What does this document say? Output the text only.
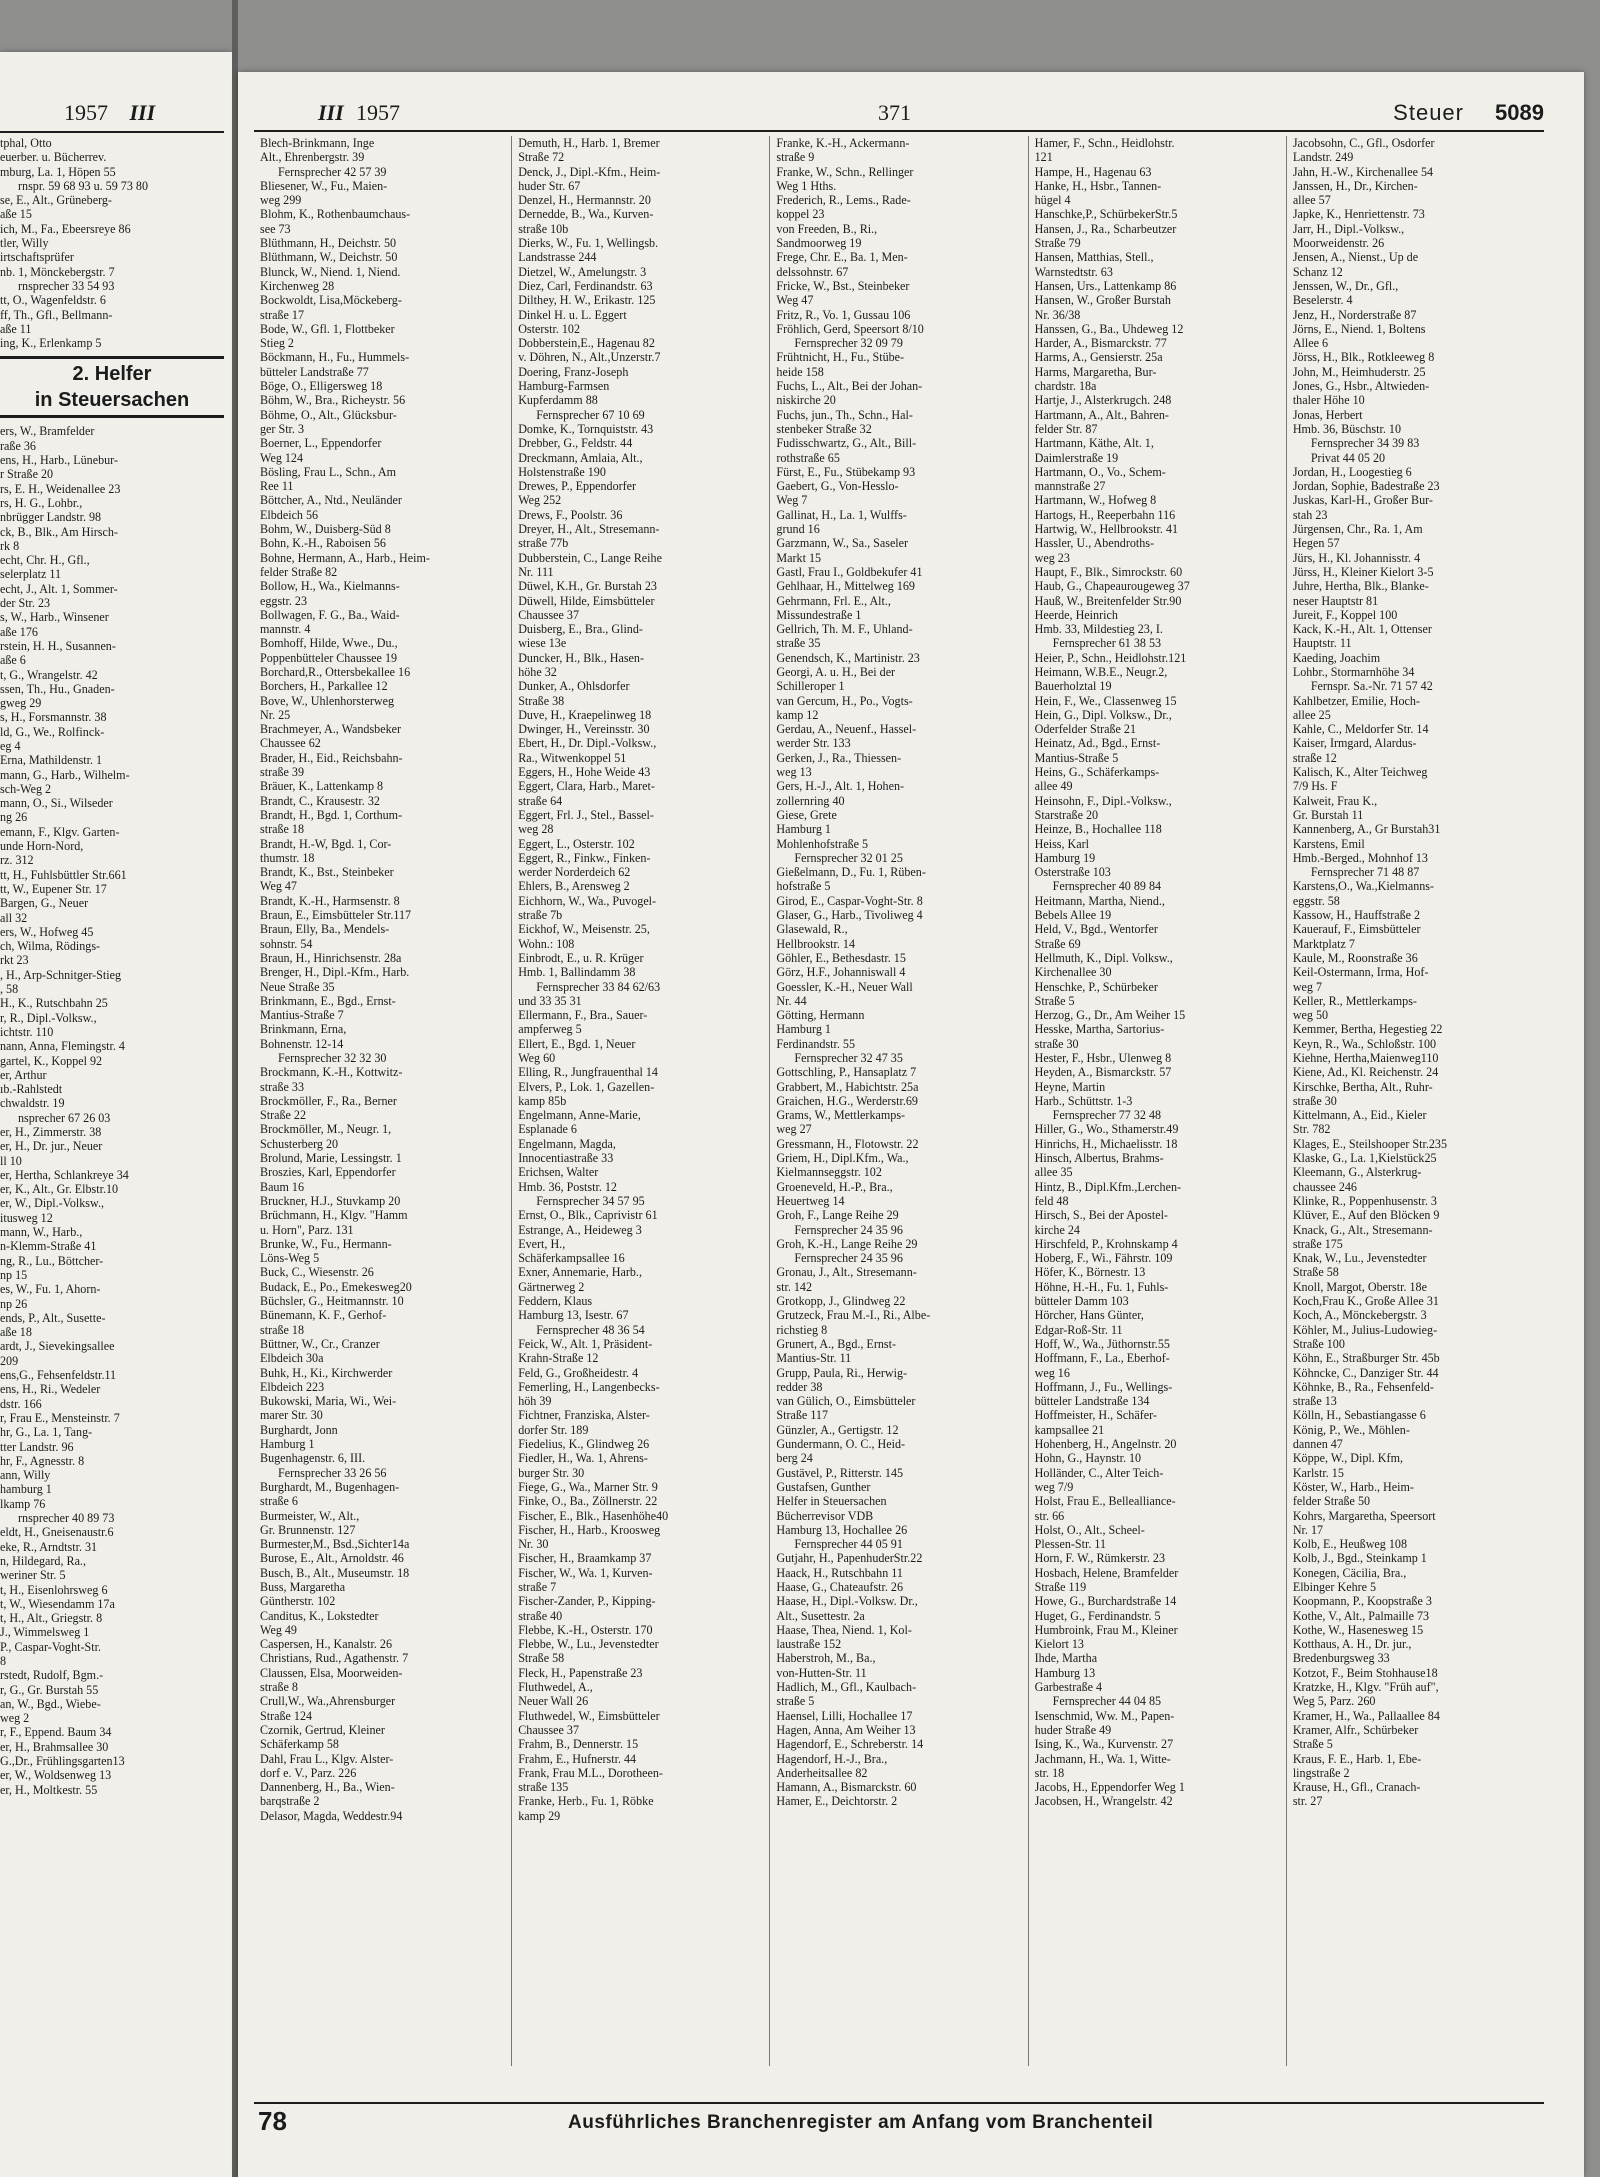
1957 III
tphal, Otto
euerber. u. Bücherrev.
mburg, La. 1, Höpen 55
rnspr. 59 68 93 u. 59 73 80
se, E., Alt., Grüneberg-
aße 15
ich, M., Fa., Ebeersreye 86
tler, Willy
irtschaftsprüfer
nb. 1, Mönckebergstr. 7
rnsprecher 33 54 93
tt, O., Wagenfeldstr. 6
ff, Th., Gfl., Bellmann-
aße 11
ing, K., Erlenkamp 5
2. Helfer
in Steuersachen
ers, W., Bramfelder
raße 36
ens, H., Harb., Lünebur-
r Straße 20
rs, E. H., Weidenallee 23
rs, H. G., Lohbr.,
nbrügger Landstr. 98
ck, B., Blk., Am Hirsch-
rk 8
echt, Chr. H., Gfl.,
selerplatz 11
echt, J., Alt. 1, Sommer-
der Str. 23
s, W., Harb., Winsener
aße 176
rstein, H. H., Susannen-
aße 6
t, G., Wrangelstr. 42
ssen, Th., Hu., Gnaden-
gweg 29
s, H., Forsmannstr. 38
ld, G., We., Rolfinck-
eg 4
Erna, Mathildenstr. 1
mann, G., Harb., Wilhelm-
sch-Weg 2
mann, O., Si., Wilseder
ng 26
emann, F., Klgv. Garten-
unde Horn-Nord,
rz. 312
tt, H., Fuhlsbüttler Str.661
tt, W., Eupener Str. 17
Bargen, G., Neuer
all 32
ers, W., Hofweg 45
ch, Wilma, Rödings-
rkt 23
, H., Arp-Schnitger-Stieg
, 58
H., K., Rutschbahn 25
r, R., Dipl.-Volksw.,
ichtstr. 110
nann, Anna, Flemingstr. 4
gartel, K., Koppel 92
er, Arthur
ıb.-Rahlstedt
chwaldstr. 19
nsprecher 67 26 03
er, H., Zimmerstr. 38
er, H., Dr. jur., Neuer
ll 10
er, Hertha, Schlankreye 34
er, K., Alt., Gr. Elbstr.10
er, W., Dipl.-Volksw.,
itusweg 12
mann, W., Harb.,
n-Klemm-Straße 41
ng, R., Lu., Böttcher-
np 15
es, W., Fu. 1, Ahorn-
np 26
ends, P., Alt., Susette-
aße 18
ardt, J., Sievekingsallee
209
ens,G., Fehsenfeldstr.11
ens, H., Ri., Wedeler
dstr. 166
r, Frau E., Mensteinstr. 7
hr, G., La. 1, Tang-
tter Landstr. 96
hr, F., Agnesstr. 8
ann, Willy
hamburg 1
lkamp 76
rnsprecher 40 89 73
eldt, H., Gneisenaustr.6
eke, R., Arndtstr. 31
n, Hildegard, Ra.,
weriner Str. 5
t, H., Eisenlohrsweg 6
t, W., Wiesendamm 17a
t, H., Alt., Griegstr. 8
J., Wimmelsweg 1
P., Caspar-Voght-Str.
8
rstedt, Rudolf, Bgm.-
r, G., Gr. Burstah 55
an, W., Bgd., Wiebe-
weg 2
r, F., Eppend. Baum 34
er, H., Brahmsallee 30
G.,Dr., Frühlingsgarten13
er, W., Woldsenweg 13
er, H., Moltkestr. 55
III 1957	371	Steuer 5089
Blech-Brinkmann, Inge
Alt., Ehrenbergstr. 39
Fernsprecher 42 57 39
Bliesener, W., Fu., Maien-
weg 299
Blohm, K., Rothenbaumchaus-
see 73
Blüthmann, H., Deichstr. 50
Blüthmann, W., Deichstr. 50
Blunck, W., Niend. 1, Niend.
Kirchenweg 28
Bockwoldt, Lisa,Möckeberg-
straße 17
Bode, W., Gfl. 1, Flottbeker
Stieg 2
Böckmann, H., Fu., Hummels-
bütteler Landstraße 77
Böge, O., Elligersweg 18
Böhm, W., Bra., Richeystr. 56
Böhme, O., Alt., Glücksbur-
ger Str. 3
Boerner, L., Eppendorfer
Weg 124
Bösling, Frau L., Schn., Am
Ree 11
Böttcher, A., Ntd., Neuländer
Elbdeich 56
Bohm, W., Duisberg-Süd 8
Bohn, K.-H., Raboisen 56
Bohne, Hermann, A., Harb., Heim-
felder Straße 82
Bollow, H., Wa., Kielmanns-
eggstr. 23
Bollwagen, F. G., Ba., Waid-
mannstr. 4
Bomhoff, Hilde, Wwe., Du.,
Poppenbütteler Chaussee 19
Borchard,R., Ottersbekallee 16
Borchers, H., Parkallee 12
Bove, W., Uhlenhorsterweg
Nr. 25
Brachmeyer, A., Wandsbeker
Chaussee 62
Brader, H., Eid., Reichsbahn-
straße 39
Bräuer, K., Lattenkamp 8
Brandt, C., Krausestr. 32
Brandt, H., Bgd. 1, Corthum-
straße 18
Brandt, H.-W, Bgd. 1, Cor-
thumstr. 18
Brandt, K., Bst., Steinbeker
Weg 47
Brandt, K.-H., Harmsenstr. 8
Braun, E., Eimsbütteler Str.117
Braun, Elly, Ba., Mendels-
sohnstr. 54
Braun, H., Hinrichsenstr. 28a
Brenger, H., Dipl.-Kfm., Harb.
Neue Straße 35
Brinkmann, E., Bgd., Ernst-
Mantius-Straße 7
Brinkmann, Erna,
Bohnenstr. 12-14
Fernsprecher 32 32 30
Brockmann, K.-H., Kottwitz-
straße 33
Brockmöller, F., Ra., Berner
Straße 22
Brockmöller, M., Neugr. 1,
Schusterberg 20
Brolund, Marie, Lessingstr. 1
Broszies, Karl, Eppendorfer
Baum 16
Bruckner, H.J., Stuvkamp 20
Brüchmann, H., Klgv. "Hamm
u. Horn", Parz. 131
Brunke, W., Fu., Hermann-
Löns-Weg 5
Buck, C., Wiesenstr. 26
Budack, E., Po., Emekesweg20
Büchsler, G., Heitmannstr. 10
Bünemann, K. F., Gerhof-
straße 18
Büttner, W., Cr., Cranzer
Elbdeich 30a
Buhk, H., Ki., Kirchwerder
Elbdeich 223
Bukowski, Maria, Wi., Wei-
marer Str. 30
Burghardt, Jonn
Hamburg 1
Bugenhagenstr. 6, III.
Fernsprecher 33 26 56
Burghardt, M., Bugenhagen-
straße 6
Burmeister, W., Alt.,
Gr. Brunnenstr. 127
Burmester,M., Bsd.,Sichter14a
Burose, E., Alt., Arnoldstr. 46
Busch, B., Alt., Museumstr. 18
Buss, Margaretha
Güntherstr. 102
Canditus, K., Lokstedter
Weg 49
Caspersen, H., Kanalstr. 26
Christians, Rud., Agathenstr. 7
Claussen, Elsa, Moorweiden-
straße 8
Crull,W., Wa.,Ahrensburger
Straße 124
Czornik, Gertrud, Kleiner
Schäferkamp 58
Dahl, Frau L., Klgv. Alster-
dorf e. V., Parz. 226
Dannenberg, H., Ba., Wien-
barqstraße 2
Delasor, Magda, Weddestr.94
Demuth, H., Harb. 1, Bremer
Straße 72
Denck, J., Dipl.-Kfm., Heim-
huder Str. 67
Denzel, H., Hermannstr. 20
Dernedde, B., Wa., Kurven-
straße 10b
Dierks, W., Fu. 1, Wellingsb.
Landstrasse 244
Dietzel, W., Amelungstr. 3
Diez, Carl, Ferdinandstr. 63
Dilthey, H. W., Erikastr. 125
Dinkel H. u. L. Eggert
Osterstr. 102
Dobberstein,E., Hagenau 82
v. Döhren, N., Alt.,Unzerstr.7
Doering, Franz-Joseph
Hamburg-Farmsen
Kupferdamm 88
Fernsprecher 67 10 69
Domke, K., Tornquiststr. 43
Drebber, G., Feldstr. 44
Dreckmann, Amlaia, Alt.,
Holstenstraße 190
Drewes, P., Eppendorfer
Weg 252
Drews, F., Poolstr. 36
Dreyer, H., Alt., Stresemann-
straße 77b
Dubberstein, C., Lange Reihe
Nr. 111
Düwel, K.H., Gr. Burstah 23
Düwell, Hilde, Eimsbütteler
Chaussee 37
Duisberg, E., Bra., Glind-
wiese 13e
Duncker, H., Blk., Hasen-
höhe 32
Dunker, A., Ohlsdorfer
Straße 38
Duve, H., Kraepelinweg 18
Dwinger, H., Vereinsstr. 30
Ebert, H., Dr. Dipl.-Volksw.,
Ra., Witwenkoppel 51
Eggers, H., Hohe Weide 43
Eggert, Clara, Harb., Maret-
straße 64
Eggert, Frl. J., Stel., Bassel-
weg 28
Eggert, L., Osterstr. 102
Eggert, R., Finkw., Finken-
werder Norderdeich 62
Ehlers, B., Arensweg 2
Eichhorn, W., Wa., Puvogel-
straße 7b
Eickhof, W., Meisenstr. 25,
Wohn.: 108
Einbrodt, E., u. R. Krüger
Hmb. 1, Ballindamm 38
Fernsprecher 33 84 62/63
und 33 35 31
Ellermann, F., Bra., Sauer-
ampferweg 5
Ellert, E., Bgd. 1, Neuer
Weg 60
Elling, R., Jungfrauenthal 14
Elvers, P., Lok. 1, Gazellen-
kamp 85b
Engelmann, Anne-Marie,
Esplanade 6
Engelmann, Magda,
Innocentiastraße 33
Erichsen, Walter
Hmb. 36, Poststr. 12
Fernsprecher 34 57 95
Ernst, O., Blk., Caprivistr 61
Estrange, A., Heideweg 3
Evert, H.,
Schäferkampsallee 16
Exner, Annemarie, Harb.,
Gärtnerweg 2
Feddern, Klaus
Hamburg 13, Isestr. 67
Fernsprecher 48 36 54
Feick, W., Alt. 1, Präsident-
Krahn-Straße 12
Feld, G., Großheidestr. 4
Femerling, H., Langenbecks-
höh 39
Fichtner, Franziska, Alster-
dorfer Str. 189
Fiedelius, K., Glindweg 26
Fiedler, H., Wa. 1, Ahrens-
burger Str. 30
Fiege, G., Wa., Marner Str. 9
Finke, O., Ba., Zöllnerstr. 22
Fischer, E., Blk., Hasenhöhe40
Fischer, H., Harb., Kroosweg
Nr. 30
Fischer, H., Braamkamp 37
Fischer, W., Wa. 1, Kurven-
straße 7
Fischer-Zander, P., Kipping-
straße 40
Flebbe, K.-H., Osterstr. 170
Flebbe, W., Lu., Jevenstedter
Straße 58
Fleck, H., Papenstraße 23
Fluthwedel, A.,
Neuer Wall 26
Fluthwedel, W., Eimsbütteler
Chaussee 37
Frahm, B., Dennerstr. 15
Frahm, E., Hufnerstr. 44
Frank, Frau M.L., Dorotheen-
straße 135
Franke, Herb., Fu. 1, Röbke
kamp 29
Franke, K.-H., Ackermann-
straße 9
Franke, W., Schn., Rellinger
Weg 1 Hths.
Frederich, R., Lems., Rade-
koppel 23
von Freeden, B., Ri.,
Sandmoorweg 19
Frege, Chr. E., Ba. 1, Men-
delssohnstr. 67
Fricke, W., Bst., Steinbeker
Weg 47
Fritz, R., Vo. 1, Gussau 106
Fröhlich, Gerd, Speersort 8/10
Fernsprecher 32 09 79
Frühtnicht, H., Fu., Stübe-
heide 158
Fuchs, L., Alt., Bei der Johan-
niskirche 20
Fuchs, jun., Th., Schn., Hal-
stenbeker Straße 32
Fudisschwartz, G., Alt., Bill-
rothstraße 65
Fürst, E., Fu., Stübekamp 93
Gaebert, G., Von-Hesslo-
Weg 7
Gallinat, H., La. 1, Wulffs-
grund 16
Garzmann, W., Sa., Saseler
Markt 15
Gastl, Frau I., Goldbekufer 41
Gehlhaar, H., Mittelweg 169
Gehrmann, Frl. E., Alt.,
Missundestraße 1
Gellrich, Th. M. F., Uhland-
straße 35
Genendsch, K., Martinistr. 23
Georgi, A. u. H., Bei der
Schilleroper 1
van Gercum, H., Po., Vogts-
kamp 12
Gerdau, A., Neuenf., Hassel-
werder Str. 133
Gerken, J., Ra., Thiessen-
weg 13
Gers, H.-J., Alt. 1, Hohen-
zollernring 40
Giese, Grete
Hamburg 1
Mohlenhofstraße 5
Fernsprecher 32 01 25
Gießelmann, D., Fu. 1, Rüben-
hofstraße 5
Girod, E., Caspar-Voght-Str. 8
Glaser, G., Harb., Tivoliweg 4
Glasewald, R.,
Hellbrookstr. 14
Göhler, E., Bethesdastr. 15
Görz, H.F., Johanniswall 4
Goessler, K.-H., Neuer Wall
Nr. 44
Götting, Hermann
Hamburg 1
Ferdinandstr. 55
Fernsprecher 32 47 35
Gottschling, P., Hansaplatz 7
Grabbert, M., Habichtstr. 25a
Graichen, H.G., Werderstr.69
Grams, W., Mettlerkamps-
weg 27
Gressmann, H., Flotowstr. 22
Griem, H., Dipl.Kfm., Wa.,
Kielmannseggstr. 102
Groeneveld, H.-P., Bra.,
Heuertweg 14
Groh, F., Lange Reihe 29
Fernsprecher 24 35 96
Groh, K.-H., Lange Reihe 29
Fernsprecher 24 35 96
Gronau, J., Alt., Stresemann-
str. 142
Grotkopp, J., Glindweg 22
Grutzeck, Frau M.-I., Ri., Albe-
richstieg 8
Grunert, A., Bgd., Ernst-
Mantius-Str. 11
Grupp, Paula, Ri., Herwig-
redder 38
van Gülich, O., Eimsbütteler
Straße 117
Günzler, A., Gertigstr. 12
Gundermann, O. C., Heid-
berg 24
Gustävel, P., Ritterstr. 145
Gustafsen, Gunther
Helfer in Steuersachen
Bücherrevisor VDB
Hamburg 13, Hochallee 26
Fernsprecher 44 05 91
Gutjahr, H., PapenhuderStr.22
Haack, H., Rutschbahn 11
Haase, G., Chateaufstr. 26
Haase, H., Dipl.-Volksw. Dr.,
Alt., Susettestr. 2a
Haase, Thea, Niend. 1, Kol-
laustraße 152
Haberstroh, M., Ba.,
von-Hutten-Str. 11
Hadlich, M., Gfl., Kaulbach-
straße 5
Haensel, Lilli, Hochallee 17
Hagen, Anna, Am Weiher 13
Hagendorf, E., Schreberstr. 14
Hagendorf, H.-J., Bra.,
Anderheitsallee 82
Hamann, A., Bismarckstr. 60
Hamer, E., Deichtorstr. 2
Hamer, F., Schn., Heidlohstr.
121
Hampe, H., Hagenau 63
Hanke, H., Hsbr., Tannen-
hügel 4
Hanschke,P., SchürbekerStr.5
Hansen, J., Ra., Scharbeutzer
Straße 79
Hansen, Matthias, Stell.,
Warnstedtstr. 63
Hansen, Urs., Lattenkamp 86
Hansen, W., Großer Burstah
Nr. 36/38
Hanssen, G., Ba., Uhdeweg 12
Harder, A., Bismarckstr. 77
Harms, A., Gensierstr. 25a
Harms, Margaretha, Bur-
chardstr. 18a
Hartje, J., Alsterkrugch. 248
Hartmann, A., Alt., Bahren-
felder Str. 87
Hartmann, Käthe, Alt. 1,
Daimlerstraße 19
Hartmann, O., Vo., Schem-
mannstraße 27
Hartmann, W., Hofweg 8
Hartogs, H., Reeperbahn 116
Hartwig, W., Hellbrookstr. 41
Hassler, U., Abendroths-
weg 23
Haupt, F., Blk., Simrockstr. 60
Haub, G., Chapeaurougeweg 37
Hauß, W., Breitenfelder Str.90
Heerde, Heinrich
Hmb. 33, Mildestieg 23, I.
Fernsprecher 61 38 53
Heier, P., Schn., Heidlohstr.121
Heimann, W.B.E., Neugr.2,
Bauerholztal 19
Hein, F., We., Classenweg 15
Hein, G., Dipl. Volksw., Dr.,
Oderfelder Straße 21
Heinatz, Ad., Bgd., Ernst-
Mantius-Straße 5
Heins, G., Schäferkamps-
allee 49
Heinsohn, F., Dipl.-Volksw.,
Starstraße 20
Heinze, B., Hochallee 118
Heiss, Karl
Hamburg 19
Osterstraße 103
Fernsprecher 40 89 84
Heitmann, Martha, Niend.,
Bebels Allee 19
Held, V., Bgd., Wentorfer
Straße 69
Hellmuth, K., Dipl. Volksw.,
Kirchenallee 30
Henschke, P., Schürbeker
Straße 5
Herzog, G., Dr., Am Weiher 15
Hesske, Martha, Sartorius-
straße 30
Hester, F., Hsbr., Ulenweg 8
Heyden, A., Bismarckstr. 57
Heyne, Martin
Harb., Schüttstr. 1-3
Fernsprecher 77 32 48
Hiller, G., Wo., Sthamerstr.49
Hinrichs, H., Michaelisstr. 18
Hinsch, Albertus, Brahms-
allee 35
Hintz, B., Dipl.Kfm.,Lerchen-
feld 48
Hirsch, S., Bei der Apostel-
kirche 24
Hirschfeld, P., Krohnskamp 4
Hoberg, F., Wi., Fährstr. 109
Höfer, K., Börnestr. 13
Höhne, H.-H., Fu. 1, Fuhls-
bütteler Damm 103
Hörcher, Hans Günter,
Edgar-Roß-Str. 11
Hoff, W., Wa., Jüthornstr.55
Hoffmann, F., La., Eberhof-
weg 16
Hoffmann, J., Fu., Wellings-
bütteler Landstraße 134
Hoffmeister, H., Schäfer-
kampsallee 21
Hohenberg, H., Angelnstr. 20
Hohn, G., Haynstr. 10
Holländer, C., Alter Teich-
weg 7/9
Holst, Frau E., Bellealliance-
str. 66
Holst, O., Alt., Scheel-
Plessen-Str. 11
Horn, F. W., Rümkerstr. 23
Hosbach, Helene, Bramfelder
Straße 119
Howe, G., Burchardstraße 14
Huget, G., Ferdinandstr. 5
Humbroink, Frau M., Kleiner
Kielort 13
Ihde, Martha
Hamburg 13
Garbestraße 4
Fernsprecher 44 04 85
Isenschmid, Ww. M., Papen-
huder Straße 49
Ising, K., Wa., Kurvenstr. 27
Jachmann, H., Wa. 1, Witte-
str. 18
Jacobs, H., Eppendorfer Weg 1
Jacobsen, H., Wrangelstr. 42
Jacobsohn, C., Gfl., Osdorfer
Landstr. 249
Jahn, H.-W., Kirchenallee 54
Janssen, H., Dr., Kirchen-
allee 57
Japke, K., Henriettenstr. 73
Jarr, H., Dipl.-Volksw.,
Moorweidenstr. 26
Jensen, A., Nienst., Up de
Schanz 12
Jenssen, W., Dr., Gfl.,
Beselerstr. 4
Jenz, H., Norderstraße 87
Jörns, E., Niend. 1, Boltens
Allee 6
Jörss, H., Blk., Rotkleeweg 8
John, M., Heimhuderstr. 25
Jones, G., Hsbr., Altwieden-
thaler Höhe 10
Jonas, Herbert
Hmb. 36, Büschstr. 10
Fernsprecher 34 39 83
Privat 44 05 20
Jordan, H., Loogestieg 6
Jordan, Sophie, Badestraße 23
Juskas, Karl-H., Großer Bur-
stah 23
Jürgensen, Chr., Ra. 1, Am
Hegen 57
Jürs, H., Kl. Johannisstr. 4
Jürss, H., Kleiner Kielort 3-5
Juhre, Hertha, Blk., Blanke-
neser Hauptstr 81
Jureit, F., Koppel 100
Kack, K.-H., Alt. 1, Ottenser
Hauptstr. 11
Kaeding, Joachim
Lohbr., Stormarnhöhe 34
Fernspr. Sa.-Nr. 71 57 42
Kahlbetzer, Emilie, Hoch-
allee 25
Kahle, C., Meldorfer Str. 14
Kaiser, Irmgard, Alardus-
straße 12
Kalisch, K., Alter Teichweg
7/9 Hs. F
Kalweit, Frau K.,
Gr. Burstah 11
Kannenberg, A., Gr Burstah31
Karstens, Emil
Hmb.-Berged., Mohnhof 13
Fernsprecher 71 48 87
Karstens,O., Wa.,Kielmanns-
eggstr. 58
Kassow, H., Hauffstraße 2
Kauerauf, F., Eimsbütteler
Marktplatz 7
Kaule, M., Roonstraße 36
Keil-Ostermann, Irma, Hof-
weg 7
Keller, R., Mettlerkamps-
weg 50
Kemmer, Bertha, Hegestieg 22
Keyn, R., Wa., Schloßstr. 100
Kiehne, Hertha,Maienweg110
Kiene, Ad., Kl. Reichenstr. 24
Kirschke, Bertha, Alt., Ruhr-
straße 30
Kittelmann, A., Eid., Kieler
Str. 782
Klages, E., Steilshooper Str.235
Klaske, G., La. 1,Kielstück25
Kleemann, G., Alsterkrug-
chaussee 246
Klinke, R., Poppenhusenstr. 3
Klüver, E., Auf den Blöcken 9
Knack, G., Alt., Stresemann-
straße 175
Knak, W., Lu., Jevenstedter
Straße 58
Knoll, Margot, Oberstr. 18e
Koch,Frau K., Große Allee 31
Koch, A., Mönckebergstr. 3
Köhler, M., Julius-Ludowieg-
Straße 100
Köhn, E., Straßburger Str. 45b
Köhncke, C., Danziger Str. 44
Köhnke, B., Ra., Fehsenfeld-
straße 13
Kölln, H., Sebastiangasse 6
König, P., We., Möhlen-
dannen 47
Köppe, W., Dipl. Kfm,
Karlstr. 15
Köster, W., Harb., Heim-
felder Straße 50
Kohrs, Margaretha, Speersort
Nr. 17
Kolb, E., Heußweg 108
Kolb, J., Bgd., Steinkamp 1
Konegen, Cäcilia, Bra.,
Elbinger Kehre 5
Koopmann, P., Koopstraße 3
Kothe, V., Alt., Palmaille 73
Kothe, W., Hasenesweg 15
Kotthaus, A. H., Dr. jur.,
Bredenburgsweg 33
Kotzot, F., Beim Stohhause18
Kratzke, H., Klgv. "Früh auf",
Weg 5, Parz. 260
Kramer, H., Wa., Pallaallee 84
Kramer, Alfr., Schürbeker
Straße 5
Kraus, F. E., Harb. 1, Ebe-
lingstraße 2
Krause, H., Gfl., Cranach-
str. 27
78	Ausführliches Branchenregister am Anfang vom Branchenteil
